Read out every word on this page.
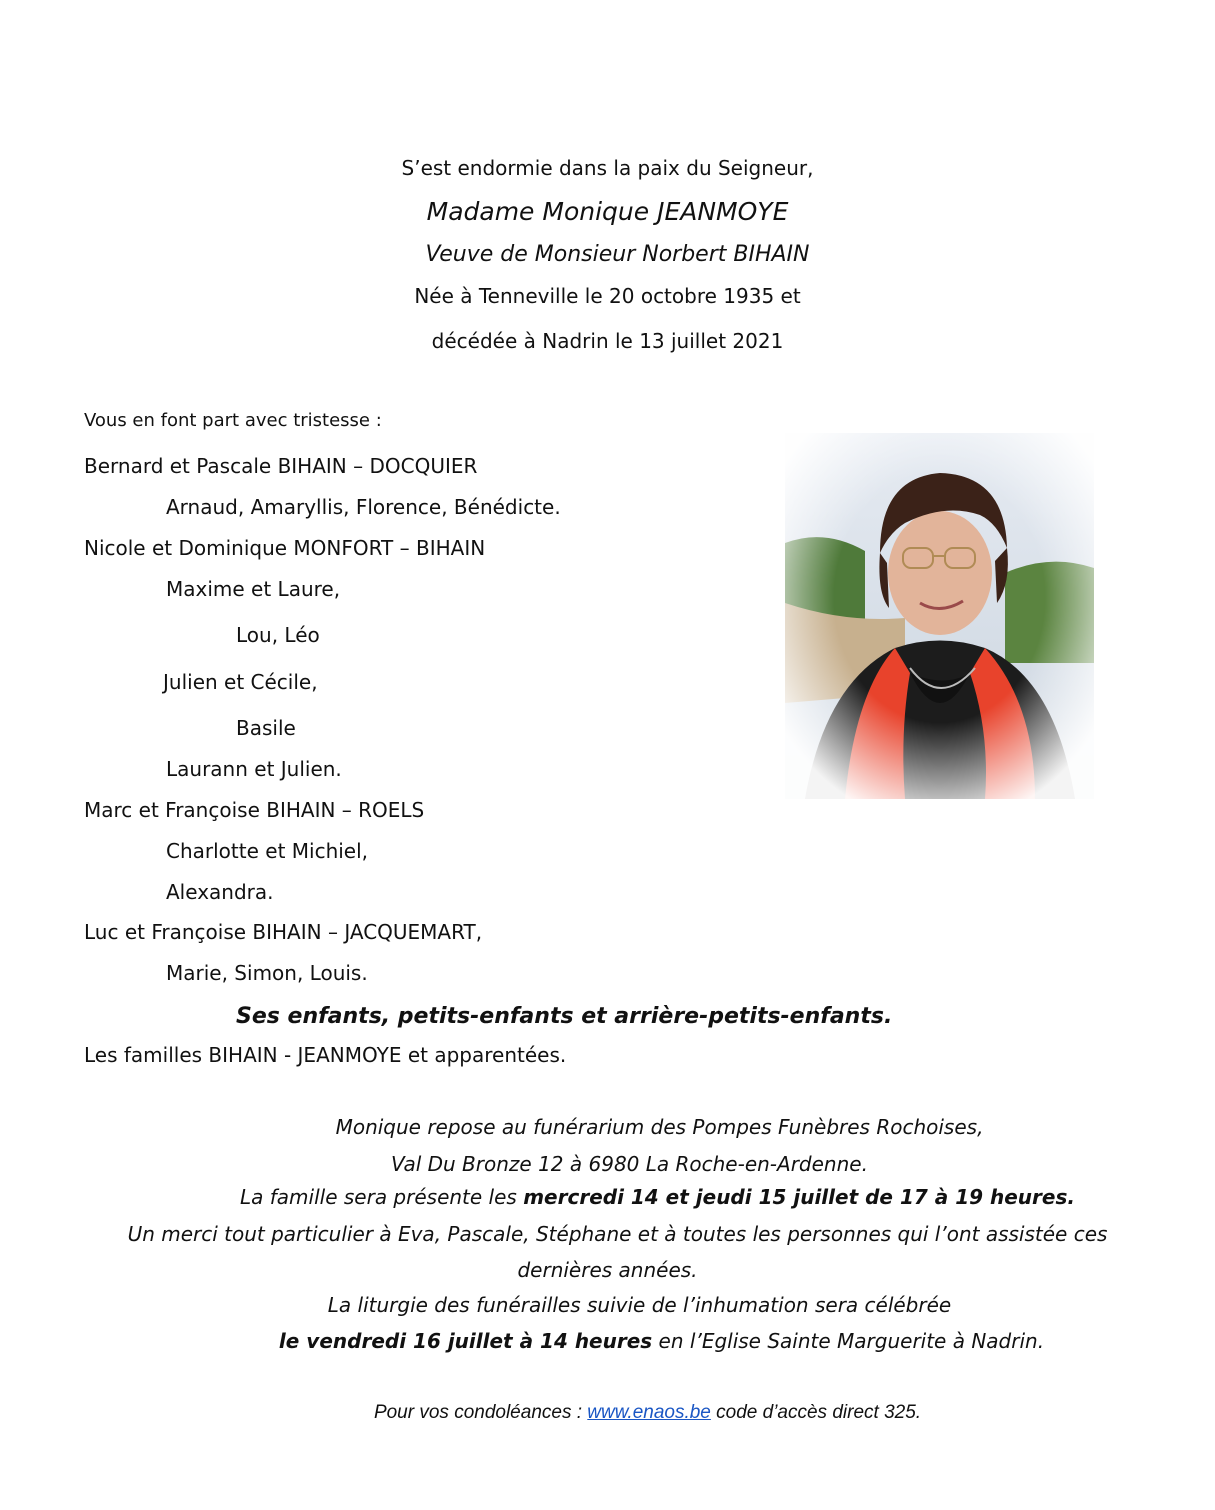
S’est endormie dans la paix du Seigneur,
Madame Monique JEANMOYE
Veuve de Monsieur Norbert BIHAIN
Née à Tenneville le 20 octobre 1935 et
décédée à Nadrin le 13 juillet 2021
Vous en font part avec tristesse :
Bernard et Pascale BIHAIN – DOCQUIER
Arnaud, Amaryllis, Florence, Bénédicte.
Nicole et Dominique MONFORT – BIHAIN
Maxime et Laure,
Lou, Léo
Julien et Cécile,
Basile
Laurann et Julien.
Marc et Françoise BIHAIN – ROELS
Charlotte et Michiel,
Alexandra.
Luc et Françoise BIHAIN – JACQUEMART,
Marie, Simon, Louis.
Ses enfants, petits-enfants et arrière-petits-enfants.
Les familles BIHAIN - JEANMOYE et apparentées.
Monique repose au funérarium des Pompes Funèbres Rochoises,
Val Du Bronze 12 à 6980 La Roche-en-Ardenne.
La famille sera présente les mercredi 14 et jeudi 15 juillet de 17 à 19 heures.
Un merci tout particulier à Eva, Pascale, Stéphane et à toutes les personnes qui l’ont assistée ces
dernières années.
La liturgie des funérailles suivie de l’inhumation sera célébrée
le vendredi 16 juillet à 14 heures en l’Eglise Sainte Marguerite à Nadrin.
Pour vos condoléances : www.enaos.be code d’accès direct 325.
